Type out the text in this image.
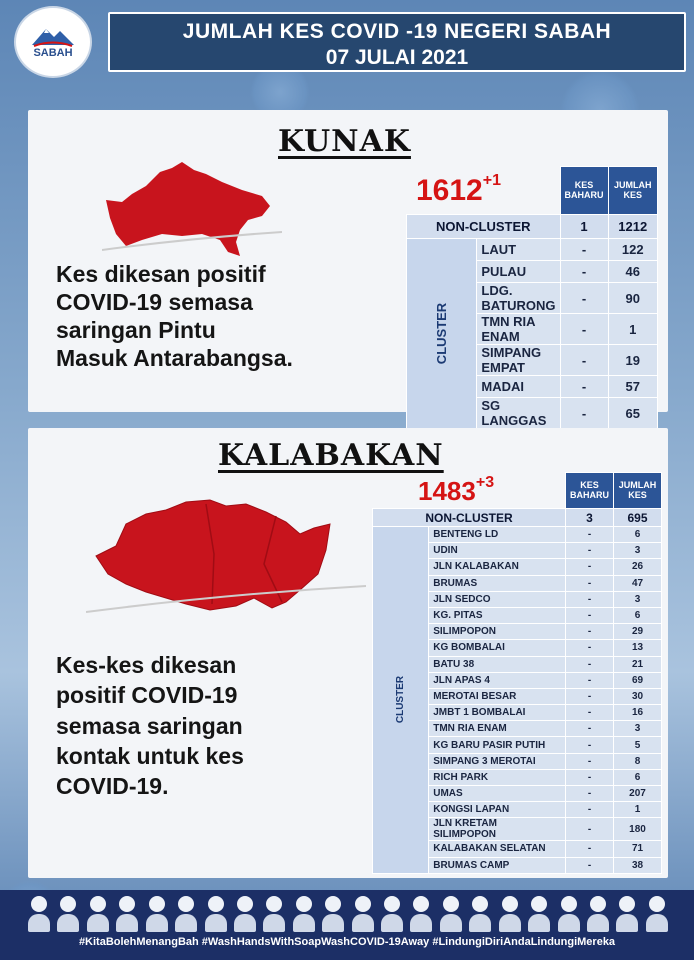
SABAH
JUMLAH KES COVID -19 NEGERI SABAH
07 JULAI 2021
KUNAK
$1612^{+1}$
Kes dikesan positif
COVID-19 semasa
saringan Pintu
Masuk Antarabangsa.
		KES BAHARU	JUMLAH KES
NON-CLUSTER		1	1212
CLUSTER	LAUT	-	122
	PULAU	-	46
	LDG. BATURONG	-	90
	TMN RIA ENAM	-	1
	SIMPANG EMPAT	-	19
	MADAI	-	57
	SG LANGGAS	-	65
KALABAKAN
$1483^{+3}$
Kes-kes dikesan
positif COVID-19
semasa saringan
kontak untuk kes
COVID-19.
		KES BAHARU	JUMLAH KES
NON-CLUSTER		3	695
CLUSTER	BENTENG LD	-	6
	UDIN	-	3
	JLN KALABAKAN	-	26
	BRUMAS	-	47
	JLN SEDCO	-	3
	KG. PITAS	-	6
	SILIMPOPON	-	29
	KG BOMBALAI	-	13
	BATU 38	-	21
	JLN APAS 4	-	69
	MEROTAI BESAR	-	30
	JMBT 1 BOMBALAI	-	16
	TMN RIA ENAM	-	3
	KG BARU PASIR PUTIH	-	5
	SIMPANG 3 MEROTAI	-	8
	RICH PARK	-	6
	UMAS	-	207
	KONGSI LAPAN	-	1
	JLN KRETAM SILIMPOPON	-	180
	KALABAKAN SELATAN	-	71
	BRUMAS CAMP	-	38
#KitaBolehMenangBah #WashHandsWithSoapWashCOVID-19Away #LindungiDiriAndaLindungiMereka
